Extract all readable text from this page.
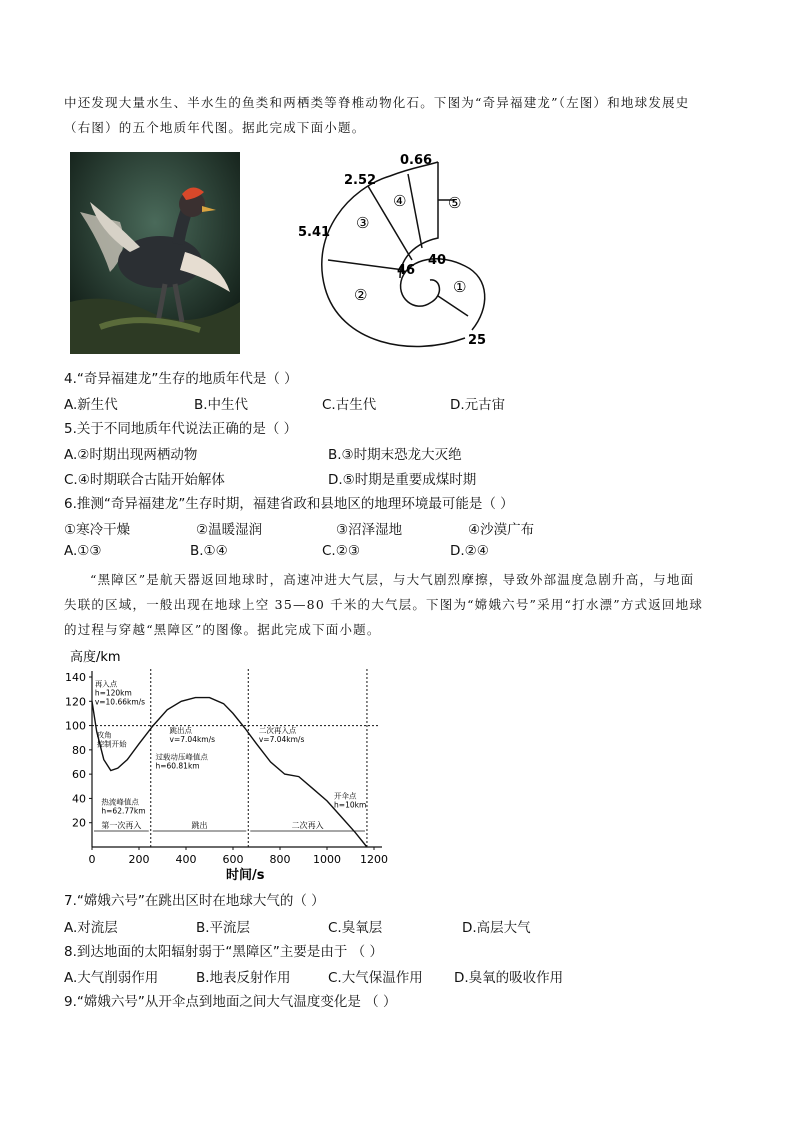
中还发现大量水生、半水生的鱼类和两栖类等脊椎动物化石。下图为“奇异福建龙”（左图）和地球发展史
（右图）的五个地质年代图。据此完成下面小题。
0.66
2.52
5.41
46
40
25
①
②
③
④	⑤
4.“奇异福建龙”生存的地质年代是（ ）
A.新生代	B.中生代	C.古生代	D.元古宙
5.关于不同地质年代说法正确的是（ ）
A.②时期出现两栖动物	B.③时期末恐龙大灭绝
C.④时期联合古陆开始解体	D.⑤时期是重要成煤时期
6.推测“奇异福建龙”生存时期，福建省政和县地区的地理环境最可能是（ ）
①寒冷干燥	②温暖湿润	③沼泽湿地	④沙漠广布
A.①③	B.①④	C.②③	D.②④
“黑障区”是航天器返回地球时，高速冲进大气层，与大气剧烈摩擦，导致外部温度急剧升高，与地面
失联的区域，一般出现在地球上空 35—80 千米的大气层。下图为“嫦娥六号”采用“打水漂”方式返回地球
的过程与穿越“黑障区”的图像。据此完成下面小题。
高度/km
时间/s
20
40
60
80
100
120
140
0	200 400 600 800 1000 1200
第一次再入	跳出	二次再入
再入点
h=120km
v=10.66km/s
攻角
控制开始
热流峰值点
h=62.77km
跳出点
v=7.04km/s
过载动压峰值点
h=60.81km
二次再入点
v=7.04km/s
开伞点
h=10km
7.“嫦娥六号”在跳出区时在地球大气的（ ）
A.对流层	B.平流层	C.臭氧层	D.高层大气
8.到达地面的太阳辐射弱于“黑障区”主要是由于 （ ）
A.大气削弱作用	B.地表反射作用	C.大气保温作用 D.臭氧的吸收作用
9.“嫦娥六号”从开伞点到地面之间大气温度变化是 （ ）
